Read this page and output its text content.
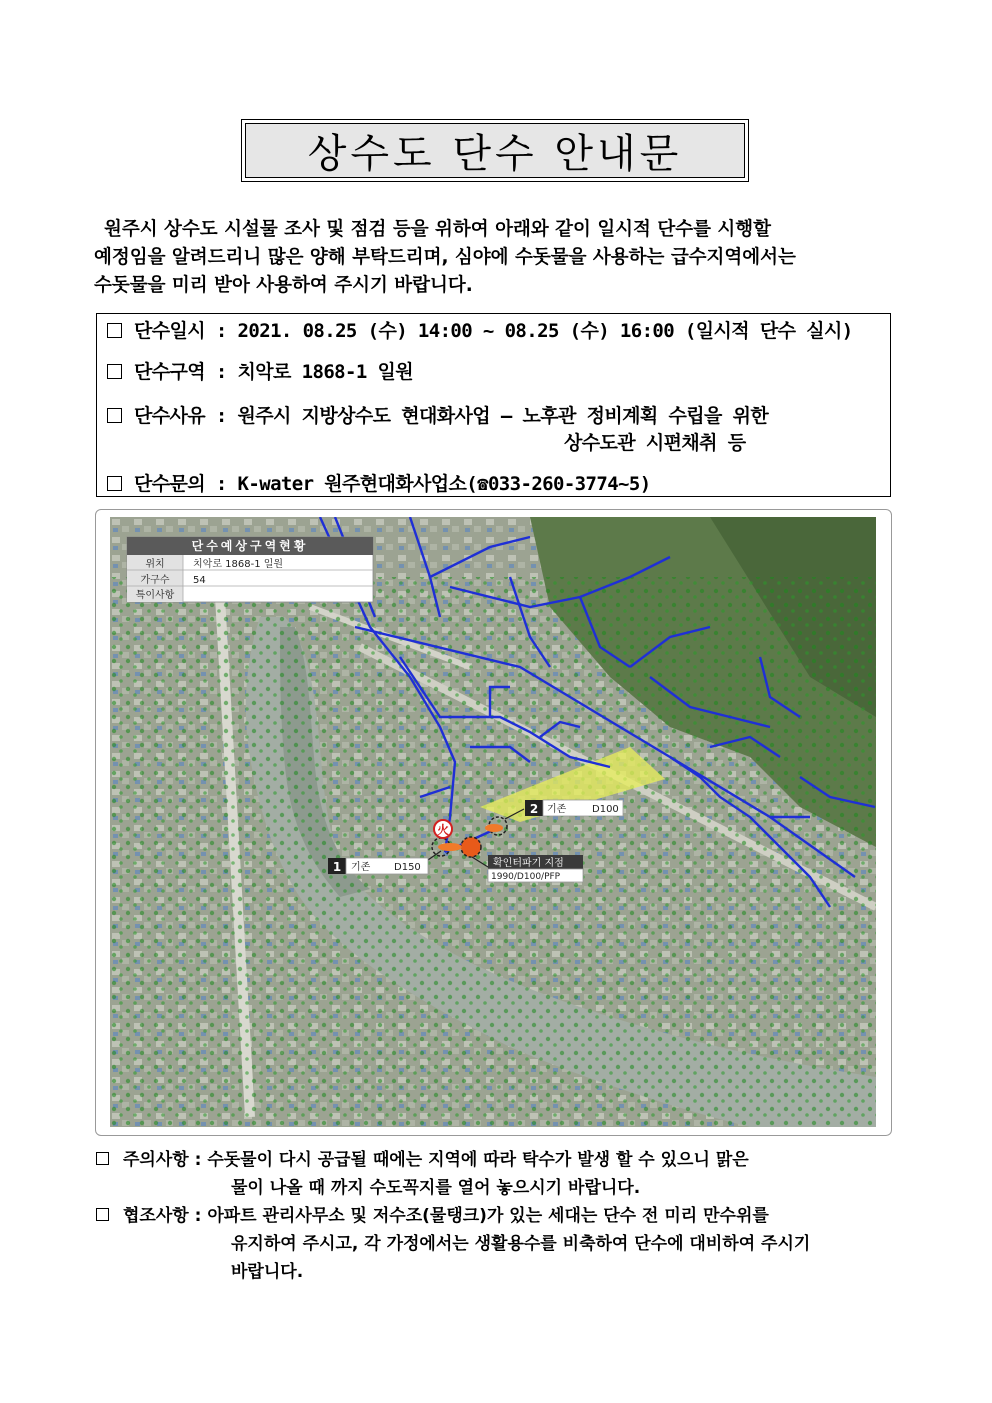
상수도 단수 안내문
원주시 상수도 시설물 조사 및 점검 등을 위하여 아래와 같이 일시적 단수를 시행할
예정임을 알려드리니 많은 양해 부탁드리며, 심야에 수돗물을 사용하는 급수지역에서는
수돗물을 미리 받아 사용하여 주시기 바랍니다.
단수일시 : 2021. 08.25 (수) 14:00 ~ 08.25 (수) 16:00 (일시적 단수 실시)
단수구역 : 치악로 1868-1 일원
단수사유 : 원주시 지방상수도 현대화사업 – 노후관 정비계획 수립을 위한
상수도관 시편채취 등
단수문의 : K-water 원주현대화사업소(☎033-260-3774~5)
火
1 기존 D150
2 기존	D100
확인터파기 지점
1990/D100/PFP
단수예상구역현황
위치	치악로 1868-1 일원
가구수 54
특이사항
주의사항 : 수돗물이 다시 공급될 때에는 지역에 따라 탁수가 발생 할 수 있으니 맑은
물이 나올 때 까지 수도꼭지를 열어 놓으시기 바랍니다.
협조사항 : 아파트 관리사무소 및 저수조(물탱크)가 있는 세대는 단수 전 미리 만수위를
유지하여 주시고, 각 가정에서는 생활용수를 비축하여 단수에 대비하여 주시기
바랍니다.
